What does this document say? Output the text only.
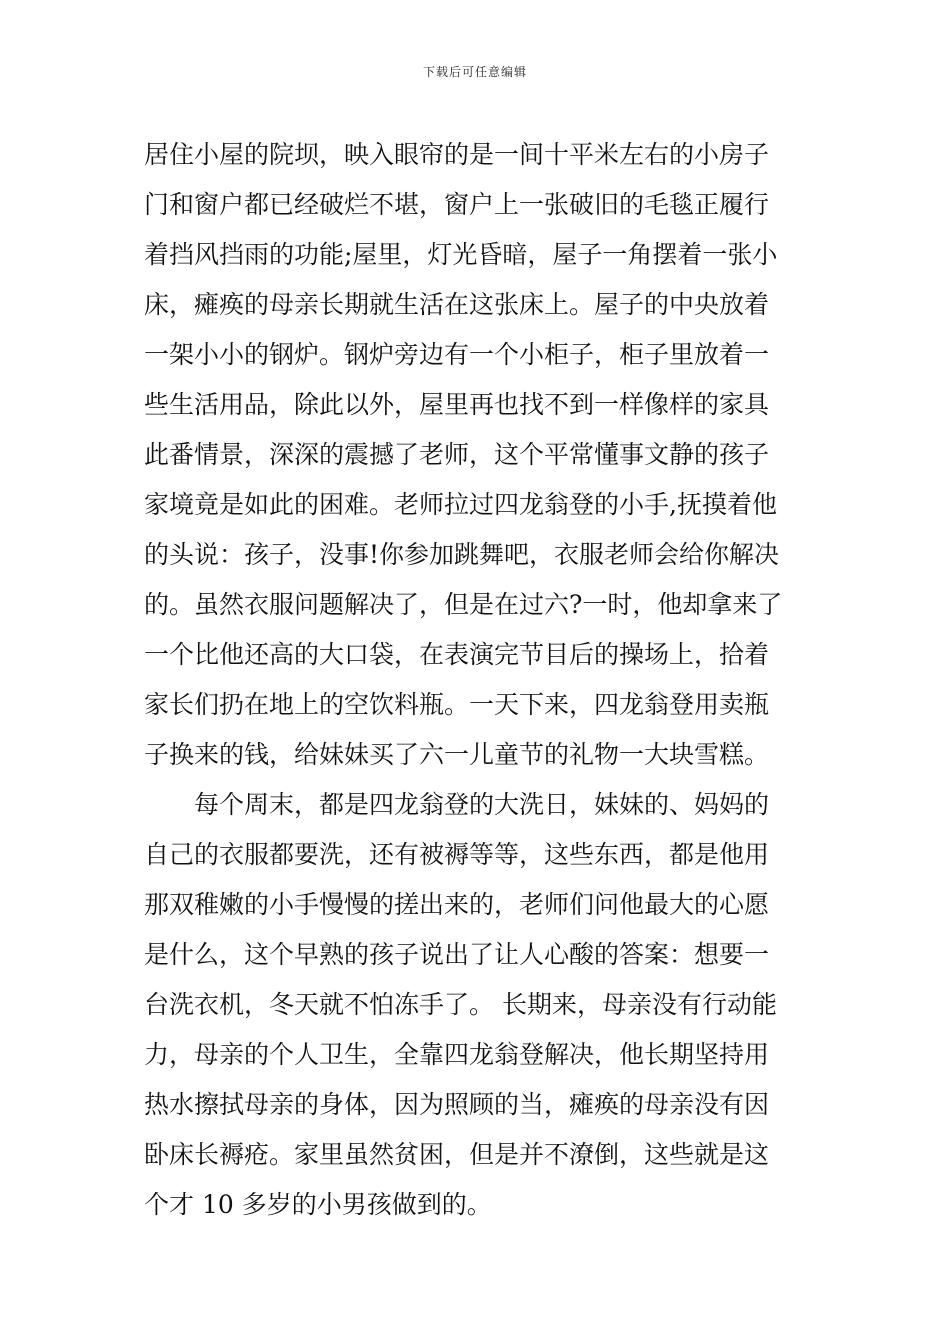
下载后可任意编辑
居住小屋的院坝，映入眼帘的是一间十平米左右的小房子
门和窗户都已经破烂不堪，窗户上一张破旧的毛毯正履行
着挡风挡雨的功能;屋里，灯光昏暗，屋子一角摆着一张小
床，瘫痪的母亲长期就生活在这张床上。屋子的中央放着
一架小小的钢炉。钢炉旁边有一个小柜子，柜子里放着一
些生活用品，除此以外，屋里再也找不到一样像样的家具
此番情景，深深的震撼了老师，这个平常懂事文静的孩子
家境竟是如此的困难。老师拉过四龙翁登的小手,抚摸着他
的头说：孩子，没事!你参加跳舞吧，衣服老师会给你解决
的。虽然衣服问题解决了，但是在过六?一时，他却拿来了
一个比他还高的大口袋，在表演完节目后的操场上，拾着
家长们扔在地上的空饮料瓶。一天下来，四龙翁登用卖瓶
子换来的钱，给妹妹买了六一儿童节的礼物一大块雪糕。
每个周末，都是四龙翁登的大洗日，妹妹的、妈妈的
自己的衣服都要洗，还有被褥等等，这些东西，都是他用
那双稚嫩的小手慢慢的搓出来的，老师们问他最大的心愿
是什么，这个早熟的孩子说出了让人心酸的答案：想要一
台洗衣机，冬天就不怕冻手了。 长期来，母亲没有行动能
力，母亲的个人卫生，全靠四龙翁登解决，他长期坚持用
热水擦拭母亲的身体，因为照顾的当，瘫痪的母亲没有因
卧床长褥疮。家里虽然贫困，但是并不潦倒，这些就是这
个才 10 多岁的小男孩做到的。
